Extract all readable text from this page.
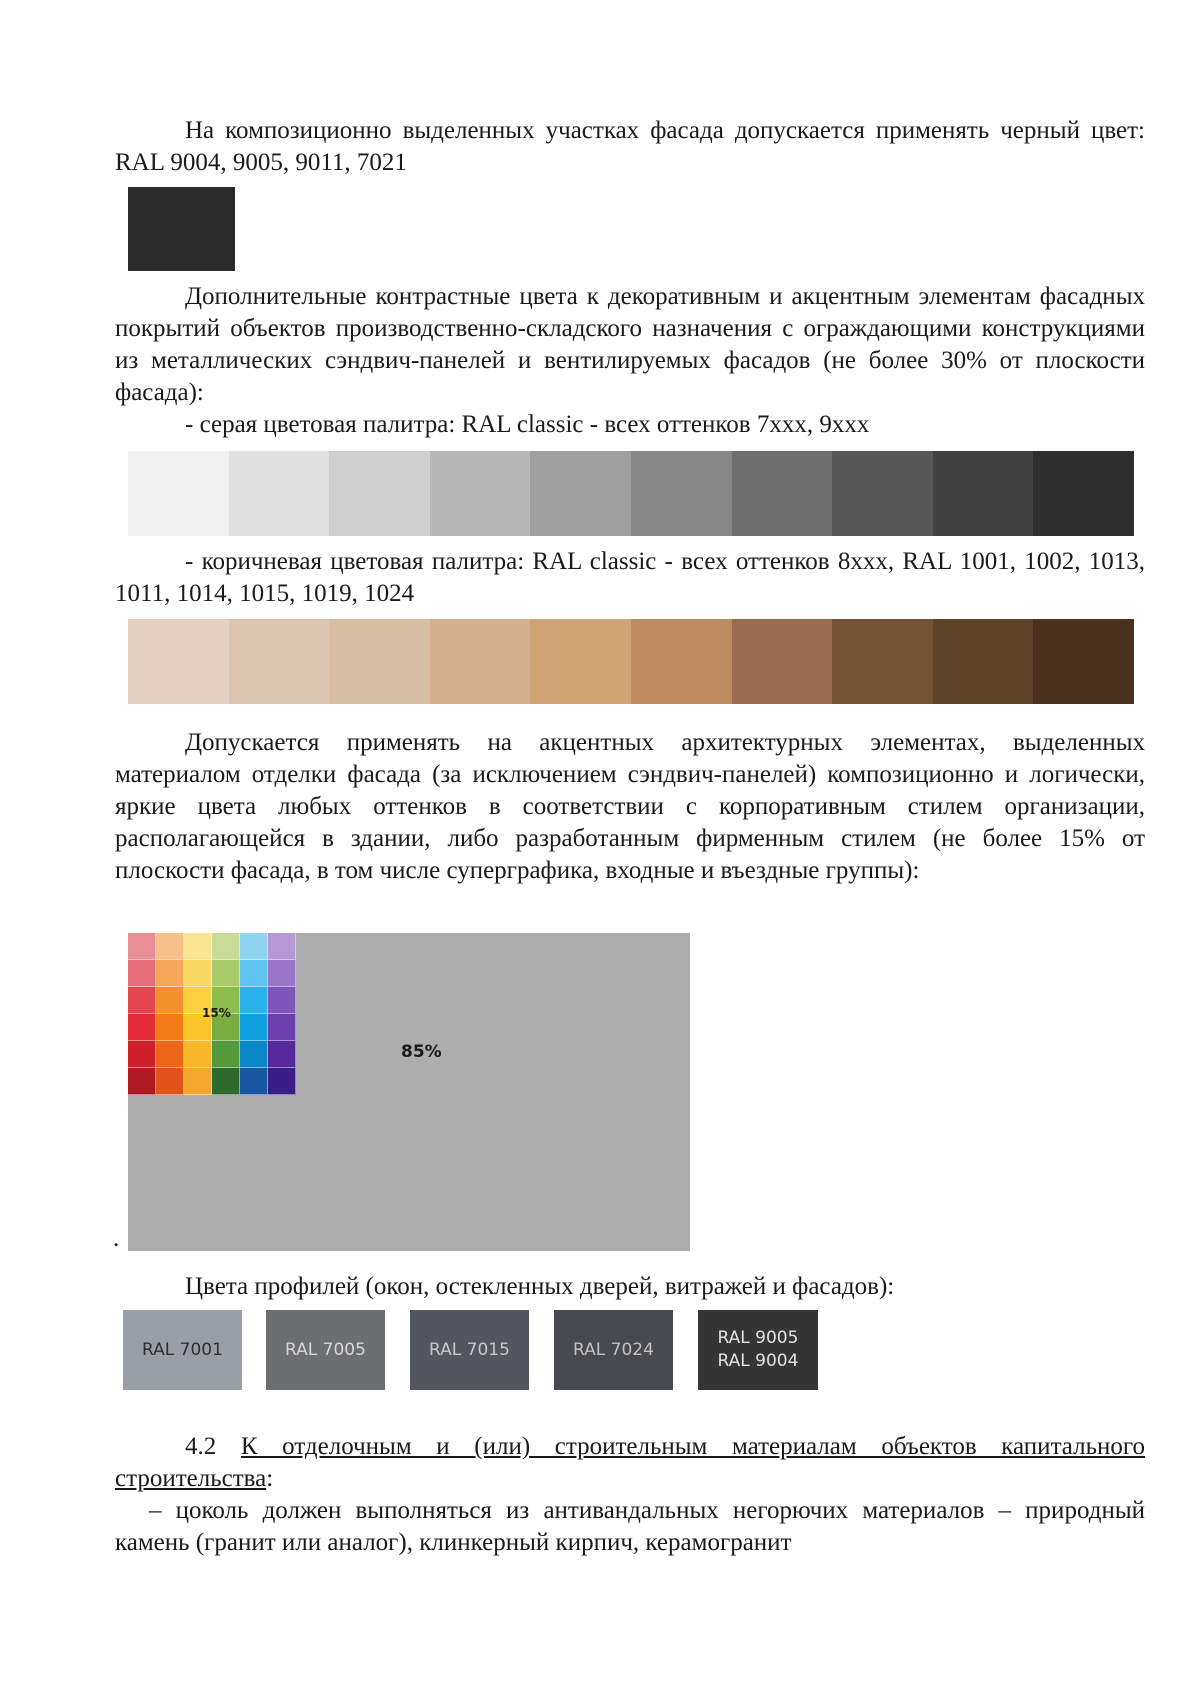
На композиционно выделенных участках фасада допускается применять черный цвет: RAL 9004, 9005, 9011, 7021

Дополнительные контрастные цвета к декоративным и акцентным элементам фасадных покрытий объектов производственно-складского назначения с ограждающими конструкциями из металлических сэндвич-панелей и вентилируемых фасадов (не более 30% от плоскости фасада):

- серая цветовая палитра: RAL classic - всех оттенков 7xxx, 9xxx

- коричневая цветовая палитра: RAL classic - всех оттенков 8xxx, RAL 1001, 1002, 1013, 1011, 1014, 1015, 1019, 1024

Допускается применять на акцентных архитектурных элементах, выделенных материалом отделки фасада (за исключением сэндвич-панелей) композиционно и логически, яркие цвета любых оттенков в соответствии с корпоративным стилем организации, располагающейся в здании, либо разработанным фирменным стилем (не более 15% от плоскости фасада, в том числе суперграфика, входные и въездные группы):

15%
85%
.
Цвета профилей (окон, остекленных дверей, витражей и фасадов):
RAL 7001	RAL 7005	RAL 7015	RAL 7024
RAL 9005
RAL 9004

4.2 К отделочным и (или) строительным материалам объектов капитального строительства:

– цоколь должен выполняться из антивандальных негорючих материалов – природный камень (гранит или аналог), клинкерный кирпич, керамогранит
